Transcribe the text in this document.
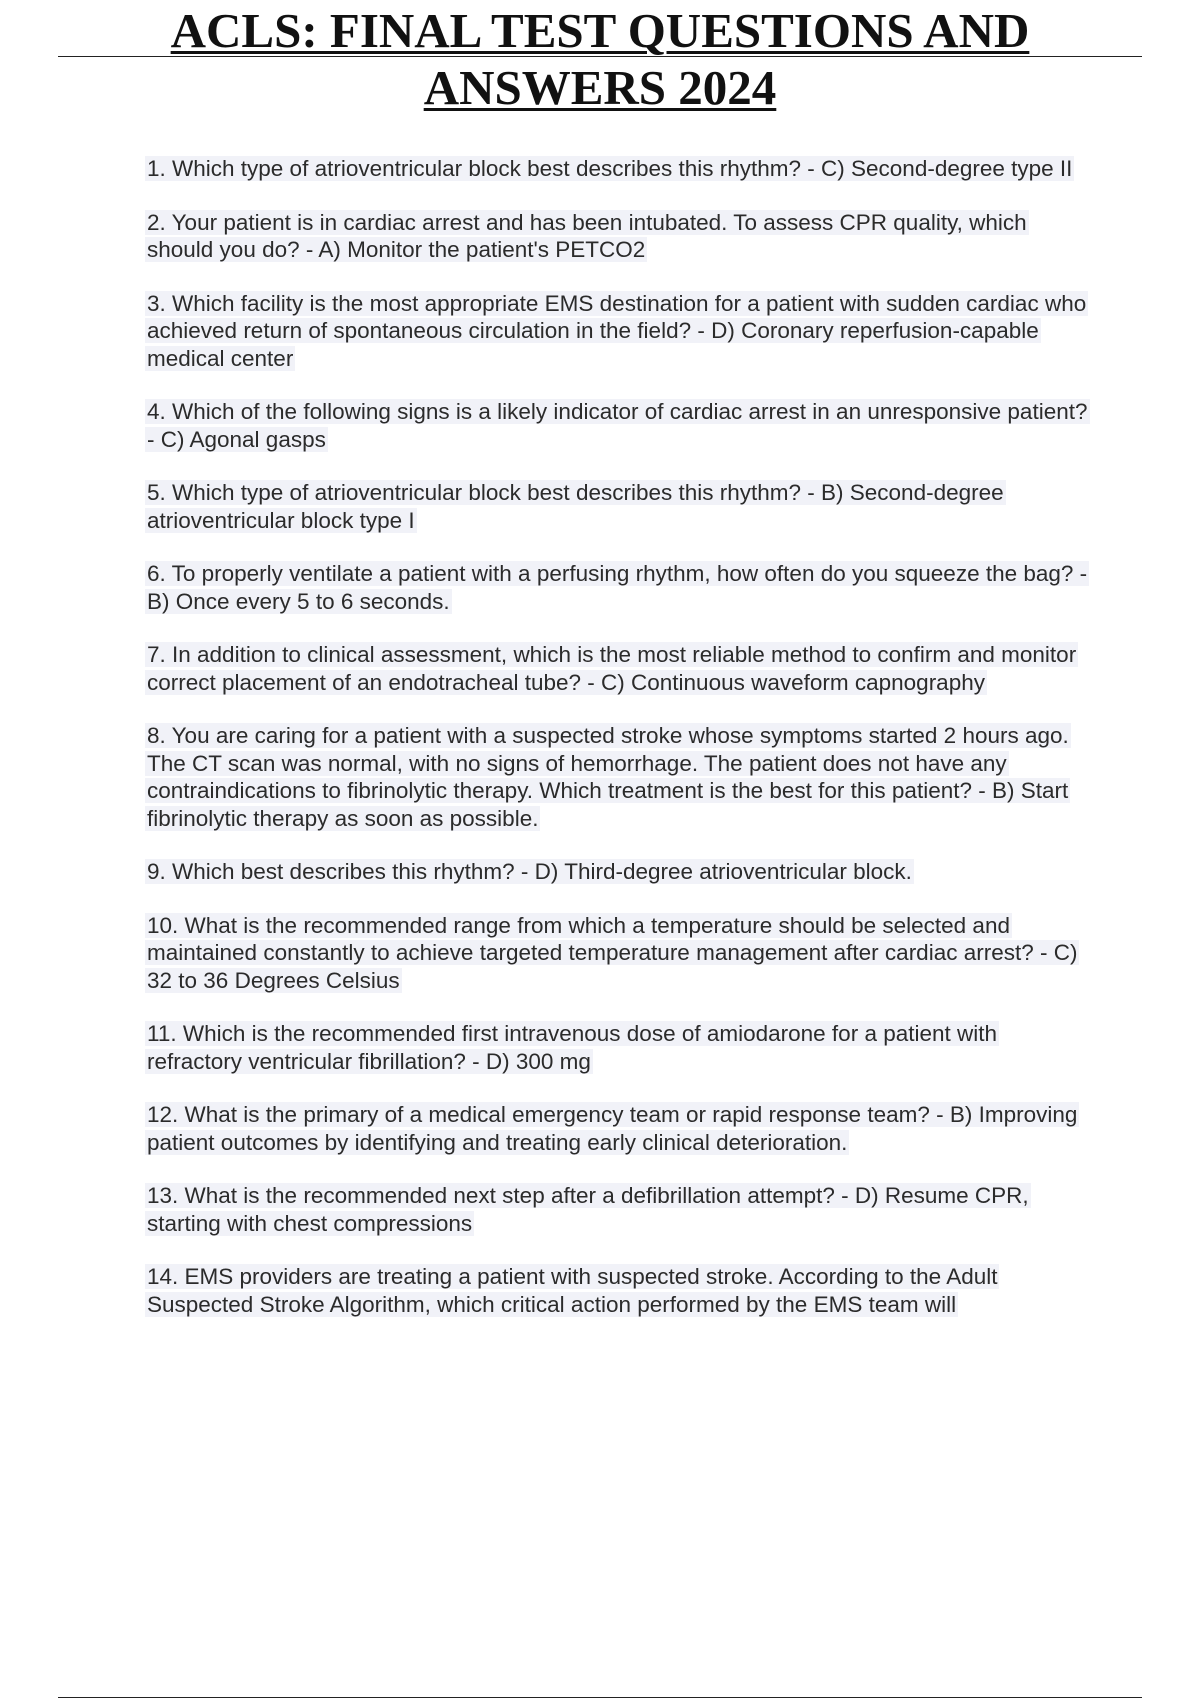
ACLS: FINAL TEST QUESTIONS AND
ANSWERS 2024
1. Which type of atrioventricular block best describes this rhythm? - C) Second-degree type II
2. Your patient is in cardiac arrest and has been intubated. To assess CPR quality, which should you do? - A) Monitor the patient's PETCO2
3. Which facility is the most appropriate EMS destination for a patient with sudden cardiac who achieved return of spontaneous circulation in the field? - D) Coronary reperfusion-capable medical center
4. Which of the following signs is a likely indicator of cardiac arrest in an unresponsive patient? - C) Agonal gasps
5. Which type of atrioventricular block best describes this rhythm? - B) Second-degree atrioventricular block type I
6. To properly ventilate a patient with a perfusing rhythm, how often do you squeeze the bag? - B) Once every 5 to 6 seconds.
7. In addition to clinical assessment, which is the most reliable method to confirm and monitor correct placement of an endotracheal tube? - C) Continuous waveform capnography
8. You are caring for a patient with a suspected stroke whose symptoms started 2 hours ago. The CT scan was normal, with no signs of hemorrhage. The patient does not have any contraindications to fibrinolytic therapy. Which treatment is the best for this patient? - B) Start fibrinolytic therapy as soon as possible.
9. Which best describes this rhythm? - D) Third-degree atrioventricular block.
10. What is the recommended range from which a temperature should be selected and maintained constantly to achieve targeted temperature management after cardiac arrest? - C) 32 to 36 Degrees Celsius
11. Which is the recommended first intravenous dose of amiodarone for a patient with refractory ventricular fibrillation? - D) 300 mg
12. What is the primary of a medical emergency team or rapid response team? - B) Improving patient outcomes by identifying and treating early clinical deterioration.
13. What is the recommended next step after a defibrillation attempt? - D) Resume CPR, starting with chest compressions
14. EMS providers are treating a patient with suspected stroke. According to the Adult Suspected Stroke Algorithm, which critical action performed by the EMS team will
